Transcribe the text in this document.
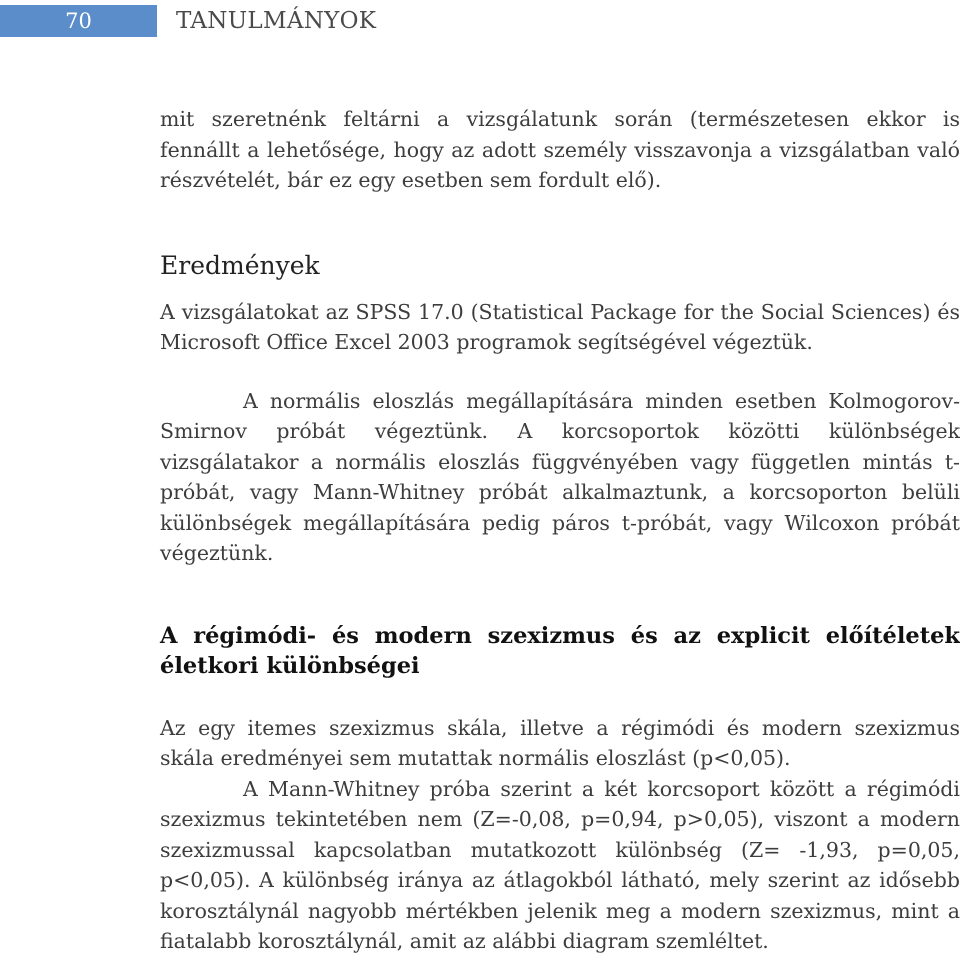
70	TANULMÁNYOK

mit szeretnénk feltárni a vizsgálatunk során (természetesen ekkor is fennállt a lehetősége, hogy az adott személy visszavonja a vizsgálatban való részvételét, bár ez egy esetben sem fordult elő).

Eredmények

A vizsgálatokat az SPSS 17.0 (Statistical Package for the Social Sciences) és Microsoft Office Excel 2003 programok segítségével végeztük.

A normális eloszlás megállapítására minden esetben Kolmogorov-Smirnov próbát végeztünk. A korcsoportok közötti különbségek vizsgálatakor a normális eloszlás függvényében vagy független mintás t-próbát, vagy Mann-Whitney próbát alkalmaztunk, a korcsoporton belüli különbségek megállapítására pedig páros t-próbát, vagy Wilcoxon próbát végeztünk.

A régimódi- és modern szexizmus és az explicit előítéletek életkori különbségei

Az egy itemes szexizmus skála, illetve a régimódi és modern szexizmus skála eredményei sem mutattak normális eloszlást (p<0,05).

A Mann-Whitney próba szerint a két korcsoport között a régimódi szexizmus tekintetében nem (Z=-0,08, p=0,94, p>0,05), viszont a modern szexizmussal kapcsolatban mutatkozott különbség (Z= -1,93, p=0,05, p<0,05). A különbség iránya az átlagokból látható, mely szerint az idősebb korosztálynál nagyobb mértékben jelenik meg a modern szexizmus, mint a fiatalabb korosztálynál, amit az alábbi diagram szemléltet.
